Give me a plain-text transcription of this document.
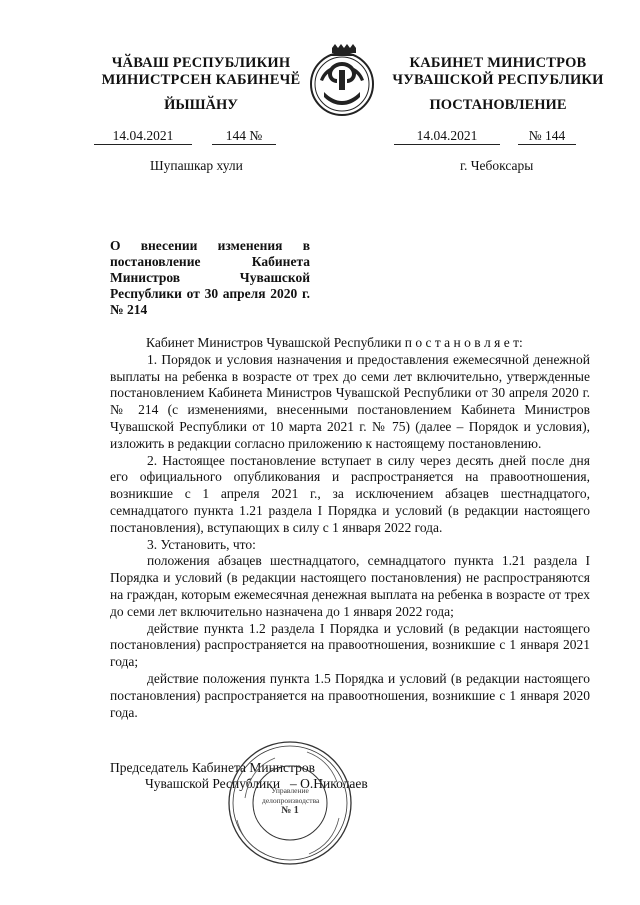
ЧӐВАШ РЕСПУБЛИКИН
МИНИСТРСЕН КАБИНЕЧӖ
ЙЫШӐНУ
КАБИНЕТ МИНИСТРОВ
ЧУВАШСКОЙ РЕСПУБЛИКИ
ПОСТАНОВЛЕНИЕ
14.04.2021	144 №	14.04.2021	№ 144
Шупашкар хули	г. Чебоксары
О внесении изменения в постановление Кабинета Министров Чувашской Республики от 30 апреля 2020 г. № 214

Кабинет Министров Чувашской Республики п о с т а н о в л я е т:

1. Порядок и условия назначения и предоставления ежемесячной денежной выплаты на ребенка в возрасте от трех до семи лет включительно, утвержденные постановлением Кабинета Министров Чувашской Республики от 30 апреля 2020 г. № 214 (с изменениями, внесенными постановлением Кабинета Министров Чувашской Республики от 10 марта 2021 г. № 75) (далее – Порядок и условия), изложить в редакции согласно приложению к настоящему постановлению.

2. Настоящее постановление вступает в силу через десять дней после дня его официального опубликования и распространяется на правоотношения, возникшие с 1 апреля 2021 г., за исключением абзацев шестнадцатого, семнадцатого пункта 1.21 раздела I Порядка и условий (в редакции настоящего постановления), вступающих в силу с 1 января 2022 года.

3. Установить, что:

положения абзацев шестнадцатого, семнадцатого пункта 1.21 раздела I Порядка и условий (в редакции настоящего постановления) не распространяются на граждан, которым ежемесячная денежная выплата на ребенка в возрасте от трех до семи лет включительно назначена до 1 января 2022 года;

действие пункта 1.2 раздела I Порядка и условий (в редакции настоящего постановления) распространяется на правоотношения, возникшие с 1 января 2021 года;

действие положения пункта 1.5 Порядка и условий (в редакции настоящего постановления) распространяется на правоотношения, возникшие с 1 января 2020 года.

Председатель Кабинета Министров
Чувашской Республики – О.Николаев
Управление
делопроизводства
№ 1
